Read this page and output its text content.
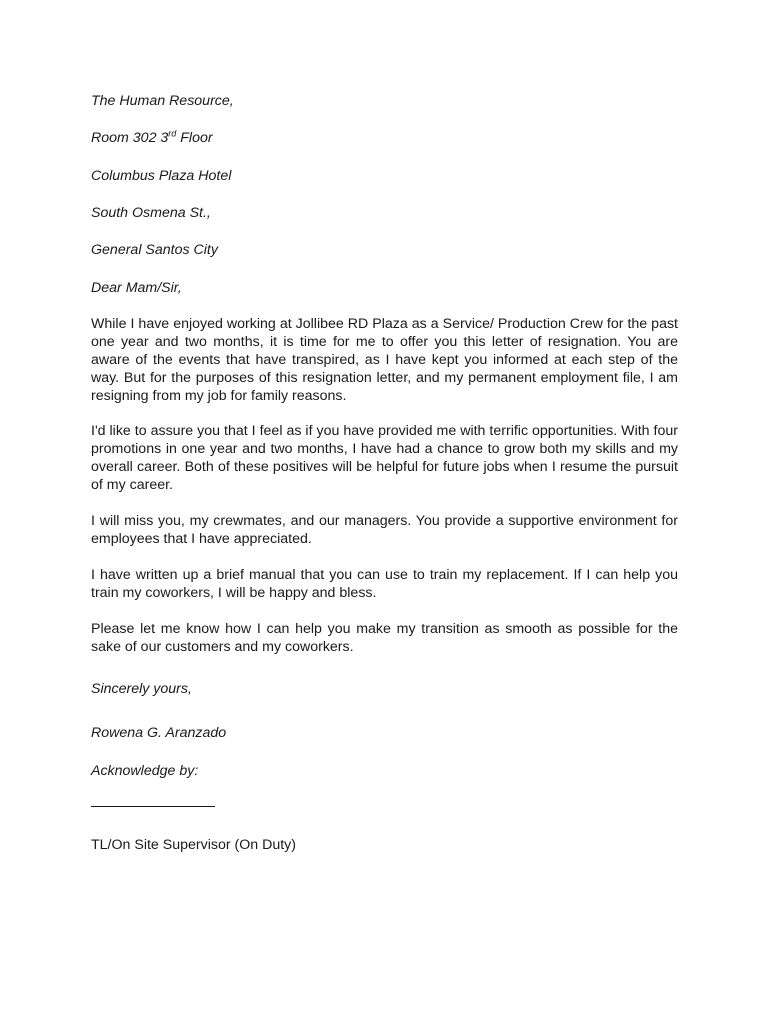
The Human Resource,
Room 302 3rd Floor
Columbus Plaza Hotel
South Osmena St.,
General Santos City
Dear Mam/Sir,

While I have enjoyed working at Jollibee RD Plaza as a Service/ Production Crew for the past one year and two months, it is time for me to offer you this letter of resignation. You are aware of the events that have transpired, as I have kept you informed at each step of the way. But for the purposes of this resignation letter, and my permanent employment file, I am resigning from my job for family reasons.

I'd like to assure you that I feel as if you have provided me with terrific opportunities. With four promotions in one year and two months, I have had a chance to grow both my skills and my overall career. Both of these positives will be helpful for future jobs when I resume the pursuit of my career.

I will miss you, my crewmates, and our managers. You provide a supportive environment for employees that I have appreciated.

I have written up a brief manual that you can use to train my replacement. If I can help you train my coworkers, I will be happy and bless.

Please let me know how I can help you make my transition as smooth as possible for the sake of our customers and my coworkers.

Sincerely yours,
Rowena G. Aranzado
Acknowledge by:
TL/On Site Supervisor (On Duty)
